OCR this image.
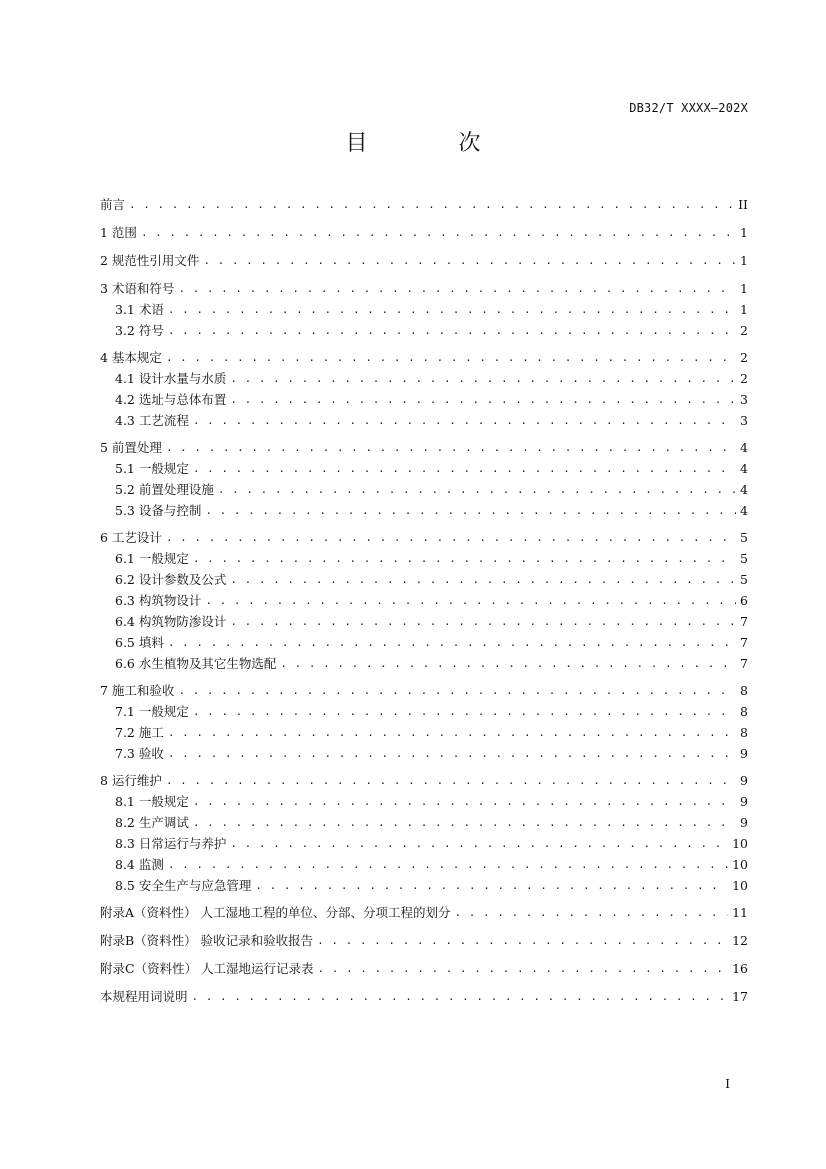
DB32/T XXXX—202X
目 次
前言 . . .	II
1 范围 . . .	1
2 规范性引用文件 . . .	1
3 术语和符号 . . .	1
3.1 术语 . . .	1
3.2 符号 . . .	2
4 基本规定 . . .	2
4.1 设计水量与水质 . . .	2
4.2 选址与总体布置 . . .	3
4.3 工艺流程 . . .	3
5 前置处理 . . .	4
5.1 一般规定 . . .	4
5.2 前置处理设施 . . .	4
5.3 设备与控制 . . .	4
6 工艺设计 . . .	5
6.1 一般规定 . . .	5
6.2 设计参数及公式 . . .	5
6.3 构筑物设计 . . .	6
6.4 构筑物防渗设计 . . .	7
6.5 填料 . . .	7
6.6 水生植物及其它生物选配 . . .	7
7 施工和验收 . . .	8
7.1 一般规定 . . .	8
7.2 施工 . . .	8
7.3 验收 . . .	9
8 运行维护 . . .	9
8.1 一般规定 . . .	9
8.2 生产调试 . . .	9
8.3 日常运行与养护 . . .	10
8.4 监测 . . .	10
8.5 安全生产与应急管理 . . .	10
附录A（资料性） 人工湿地工程的单位、分部、分项工程的划分 . . .	11
附录B（资料性） 验收记录和验收报告 . . .	12
附录C（资料性） 人工湿地运行记录表 . . .	16
本规程用词说明 . . .	17
I
